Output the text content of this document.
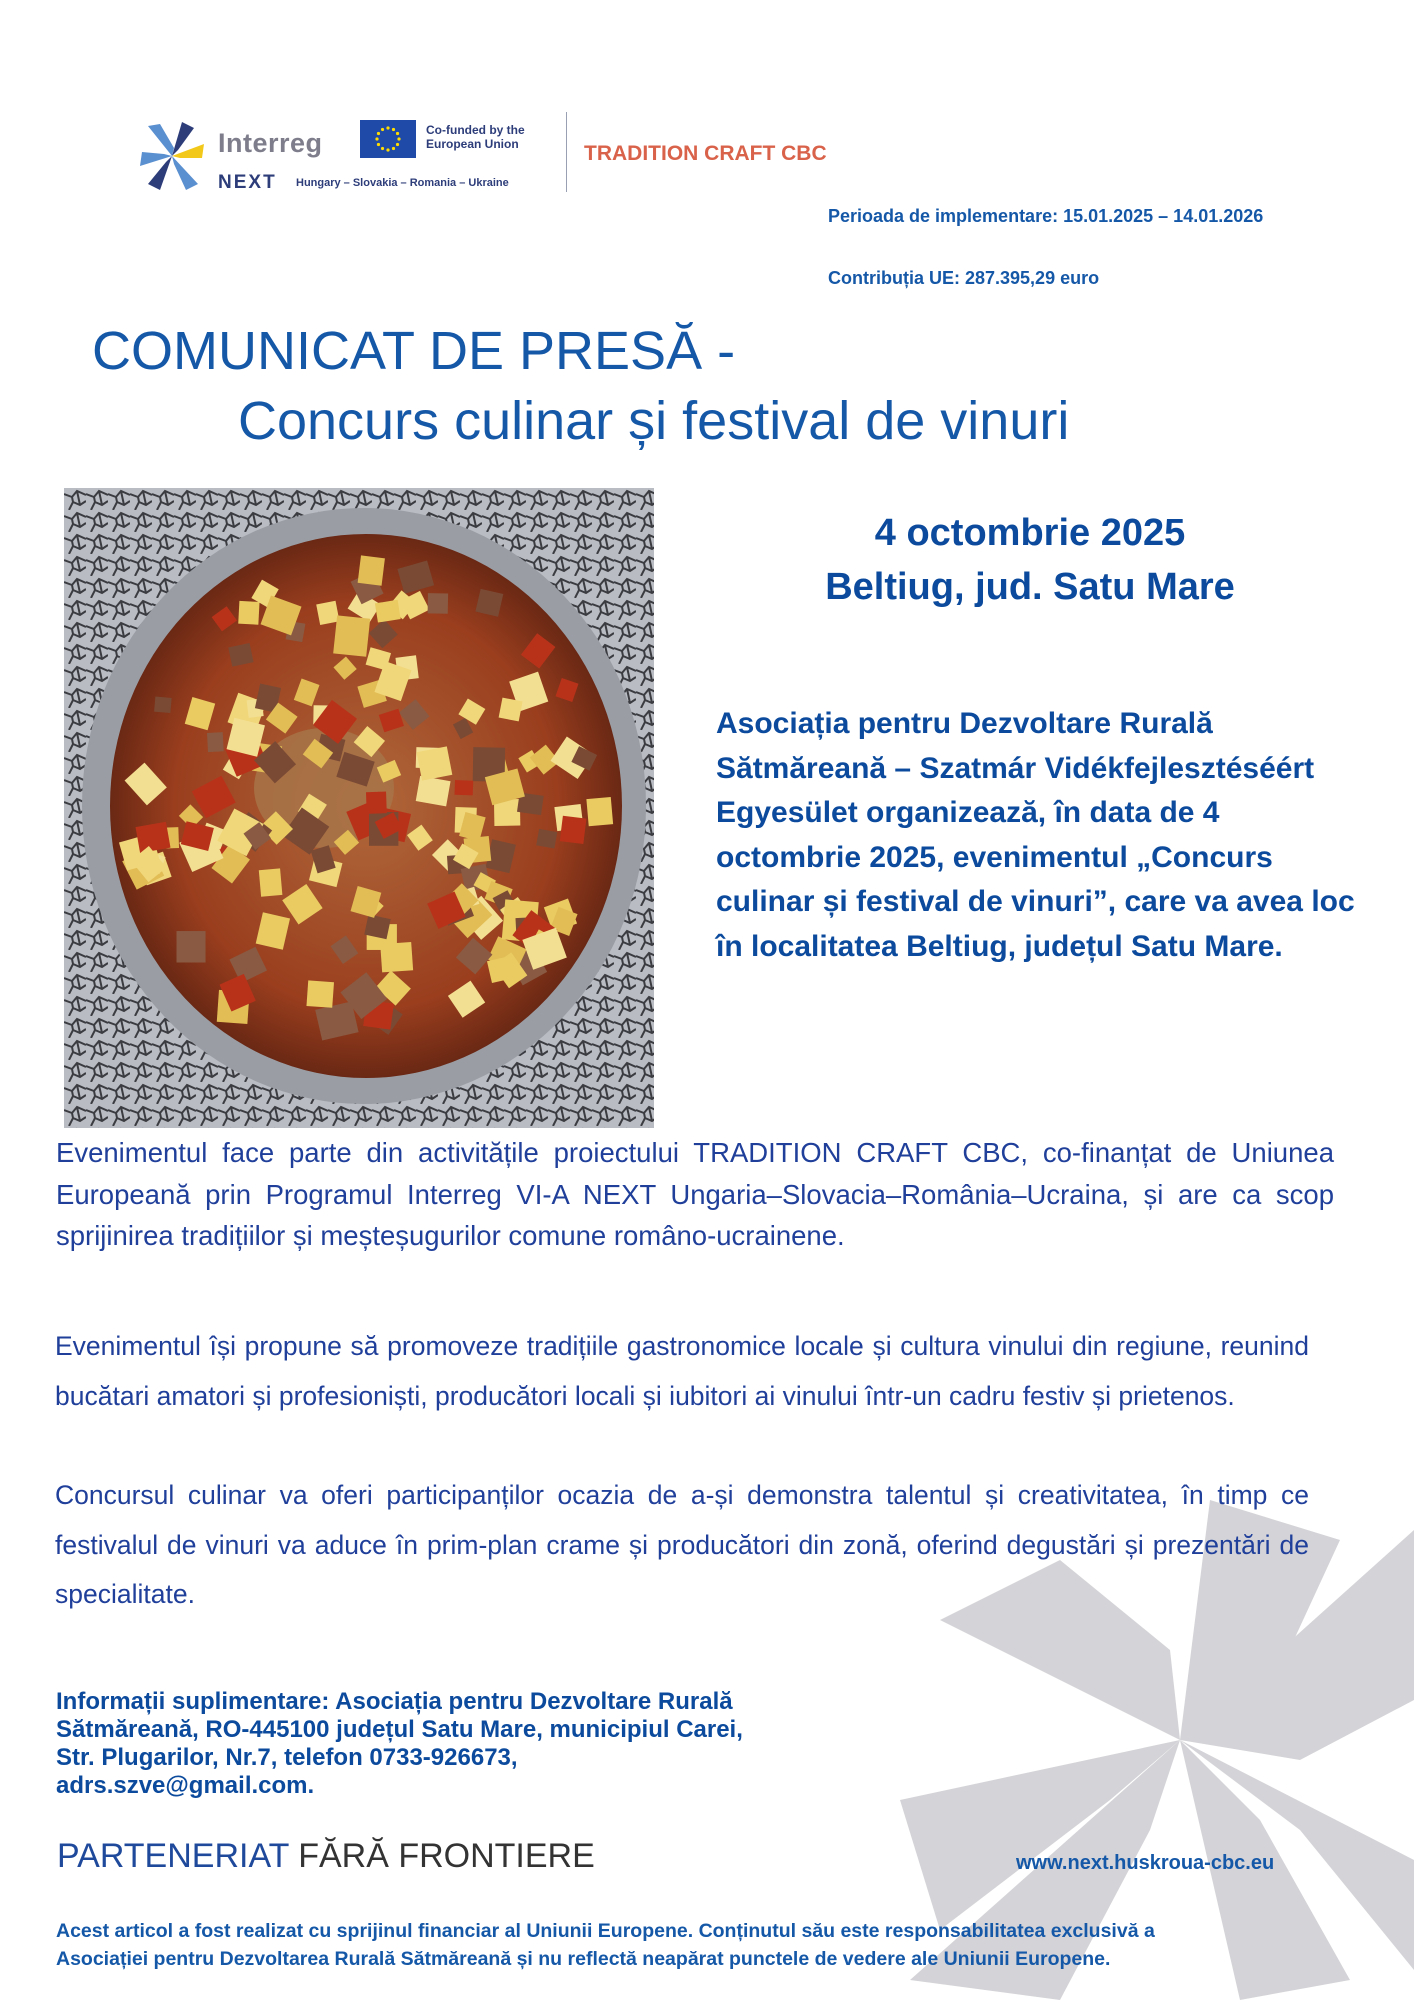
Interreg
NEXT Hungary – Slovakia – Romania – Ukraine
Co-funded by the European Union	TRADITION CRAFT CBC
Perioada de implementare: 15.01.2025 – 14.01.2026
Contribuția UE: 287.395,29 euro
COMUNICAT DE PRESĂ -
Concurs culinar și festival de vinuri
4 octombrie 2025
Beltiug, jud. Satu Mare
Asociația pentru Dezvoltare Rurală Sătmăreană – Szatmár Vidékfejlesztéséért Egyesület organizează, în data de 4 octombrie 2025, evenimentul „Concurs culinar și festival de vinuri”, care va avea loc în localitatea Beltiug, județul Satu Mare.
Evenimentul face parte din activitățile proiectului TRADITION CRAFT CBC, co-finanțat de Uniunea Europeană prin Programul Interreg VI-A NEXT Ungaria–Slovacia–România–Ucraina, și are ca scop sprijinirea tradițiilor și meșteșugurilor comune româno-ucrainene.
Evenimentul își propune să promoveze tradițiile gastronomice locale și cultura vinului din regiune, reunind bucătari amatori și profesioniști, producători locali și iubitori ai vinului într-un cadru festiv și prietenos.
Concursul culinar va oferi participanților ocazia de a-și demonstra talentul și creativitatea, în timp ce festivalul de vinuri va aduce în prim-plan crame și producători din zonă, oferind degustări și prezentări de specialitate.
Informații suplimentare: Asociația pentru Dezvoltare Rurală
Sătmăreană, RO-445100 județul Satu Mare, municipiul Carei,
Str. Plugarilor, Nr.7, telefon 0733-926673,
adrs.szve@gmail.com.
PARTENERIAT FĂRĂ FRONTIERE	www.next.huskroua-cbc.eu
Acest articol a fost realizat cu sprijinul financiar al Uniunii Europene. Conținutul său este responsabilitatea exclusivă a
Asociației pentru Dezvoltarea Rurală Sătmăreană și nu reflectă neapărat punctele de vedere ale Uniunii Europene.
